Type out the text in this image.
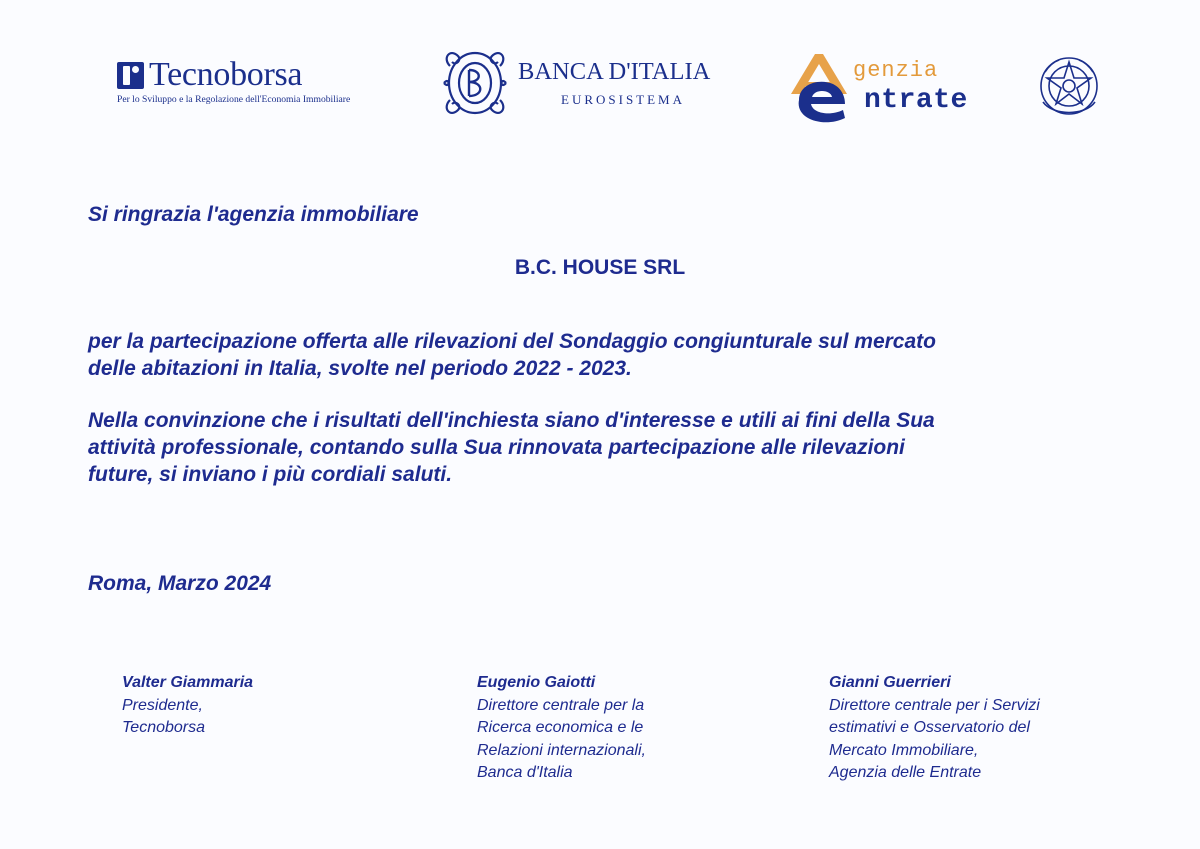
Tecnoborsa
Per lo Sviluppo e la Regolazione dell'Economia Immobiliare
BANCA D'ITALIA
EUROSISTEMA
genzia
ntrate

Si ringrazia l'agenzia immobiliare

B.C. HOUSE SRL

per la partecipazione offerta alle rilevazioni del Sondaggio congiunturale sul mercato
delle abitazioni in Italia, svolte nel periodo 2022 - 2023.

Nella convinzione che i risultati dell'inchiesta siano d'interesse e utili ai fini della Sua
attività professionale, contando sulla Sua rinnovata partecipazione alle rilevazioni
future, si inviano i più cordiali saluti.

Roma, Marzo 2024

Valter Giammaria
Presidente,
Tecnoborsa
Eugenio Gaiotti
Direttore centrale per la
Ricerca economica e le
Relazioni internazionali,
Banca d'Italia
Gianni Guerrieri
Direttore centrale per i Servizi
estimativi e Osservatorio del
Mercato Immobiliare,
Agenzia delle Entrate
